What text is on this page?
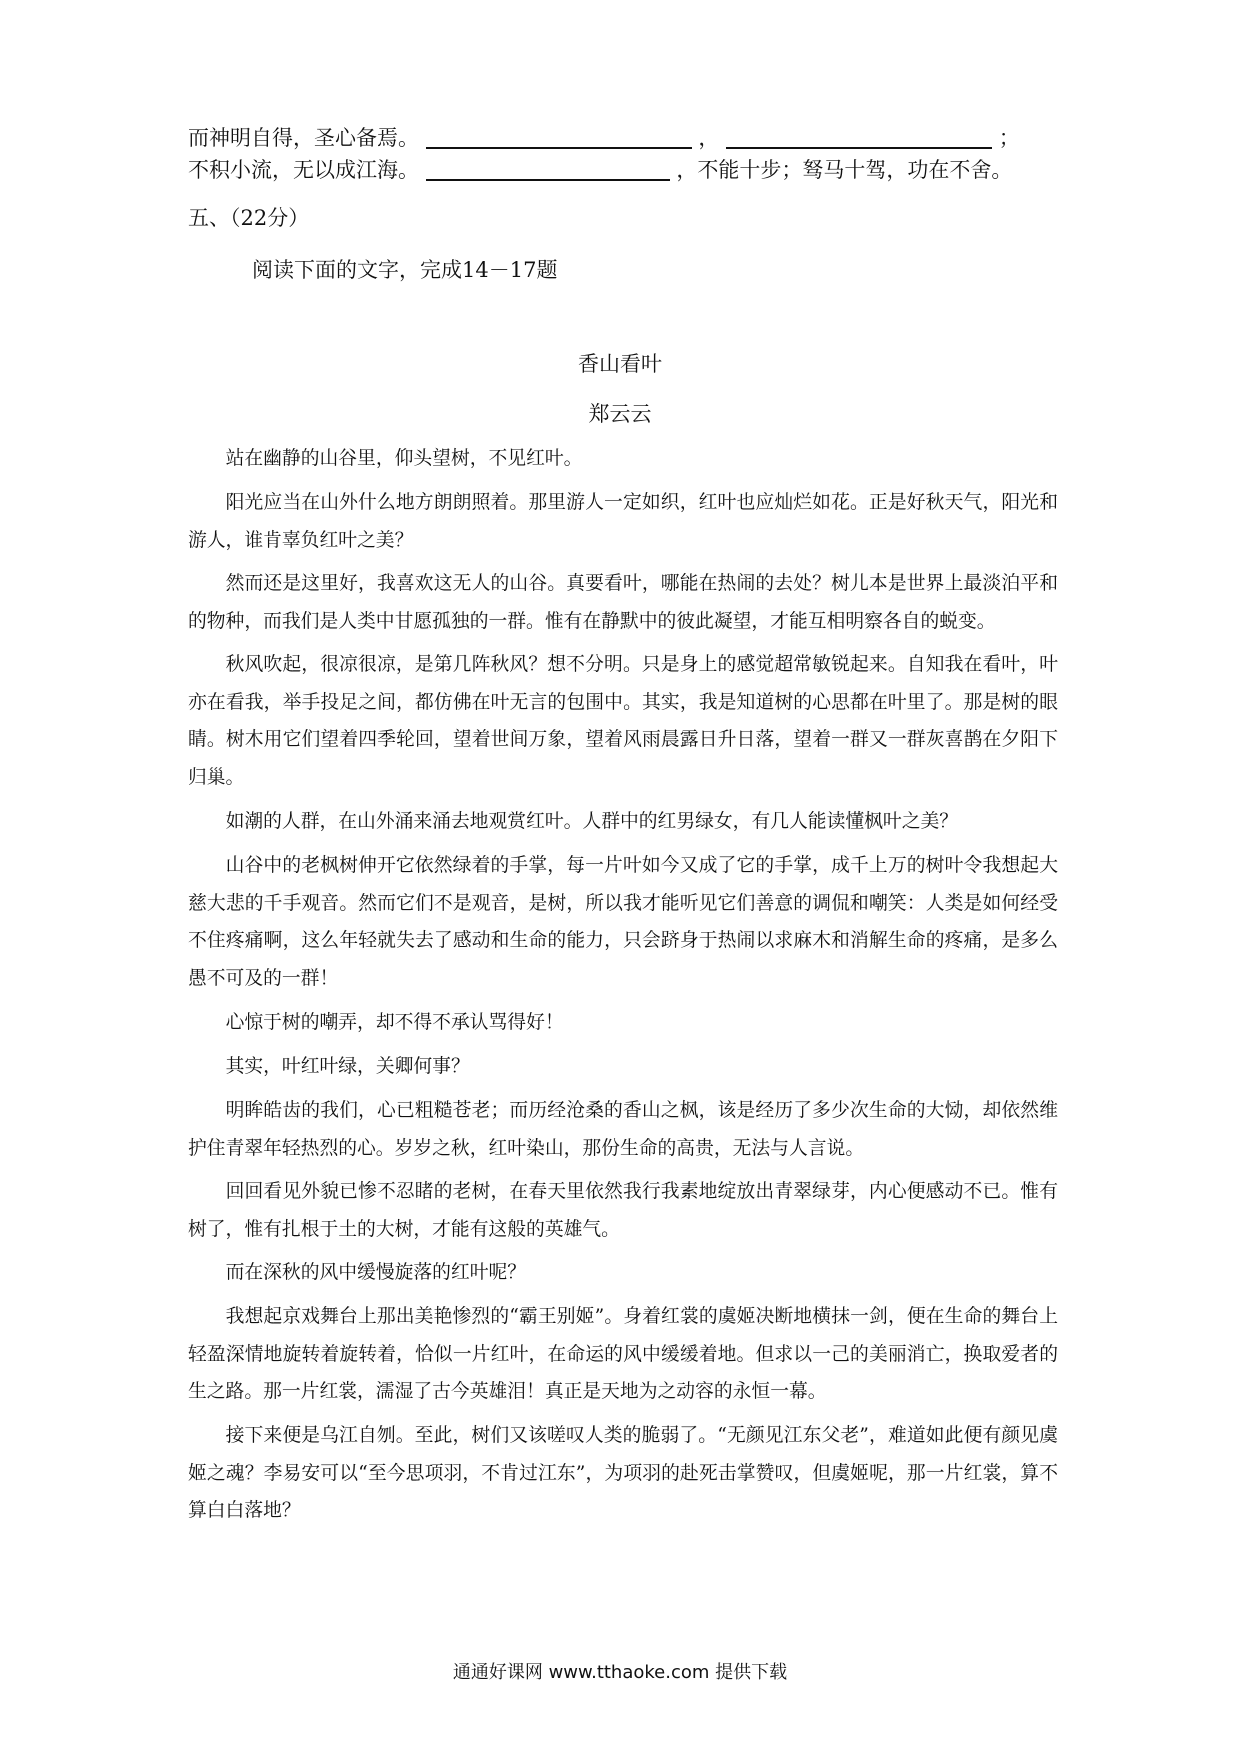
而神明自得，圣心备焉。	，	；
不积小流，无以成江海。	，不能十步；驽马十驾，功在不舍。
五、（22分）
阅读下面的文字，完成14－17题
香山看叶
郑云云
站在幽静的山谷里，仰头望树，不见红叶。
阳光应当在山外什么地方朗朗照着。那里游人一定如织，红叶也应灿烂如花。正是好秋天气，阳光和游人，谁肯辜负红叶之美？
然而还是这里好，我喜欢这无人的山谷。真要看叶，哪能在热闹的去处？树儿本是世界上最淡泊平和的物种，而我们是人类中甘愿孤独的一群。惟有在静默中的彼此凝望，才能互相明察各自的蜕变。
秋风吹起，很凉很凉，是第几阵秋风？想不分明。只是身上的感觉超常敏锐起来。自知我在看叶，叶亦在看我，举手投足之间，都仿佛在叶无言的包围中。其实，我是知道树的心思都在叶里了。那是树的眼睛。树木用它们望着四季轮回，望着世间万象，望着风雨晨露日升日落，望着一群又一群灰喜鹊在夕阳下归巢。
如潮的人群，在山外涌来涌去地观赏红叶。人群中的红男绿女，有几人能读懂枫叶之美？
山谷中的老枫树伸开它依然绿着的手掌，每一片叶如今又成了它的手掌，成千上万的树叶令我想起大慈大悲的千手观音。然而它们不是观音，是树，所以我才能听见它们善意的调侃和嘲笑：人类是如何经受不住疼痛啊，这么年轻就失去了感动和生命的能力，只会跻身于热闹以求麻木和消解生命的疼痛，是多么愚不可及的一群！
心惊于树的嘲弄，却不得不承认骂得好！
其实，叶红叶绿，关卿何事？
明眸皓齿的我们，心已粗糙苍老；而历经沧桑的香山之枫，该是经历了多少次生命的大恸，却依然维护住青翠年轻热烈的心。岁岁之秋，红叶染山，那份生命的高贵，无法与人言说。
回回看见外貌已惨不忍睹的老树，在春天里依然我行我素地绽放出青翠绿芽，内心便感动不已。惟有树了，惟有扎根于土的大树，才能有这般的英雄气。
而在深秋的风中缓慢旋落的红叶呢？
我想起京戏舞台上那出美艳惨烈的“霸王别姬”。身着红裳的虞姬决断地横抹一剑，便在生命的舞台上轻盈深情地旋转着旋转着，恰似一片红叶，在命运的风中缓缓着地。但求以一己的美丽消亡，换取爱者的生之路。那一片红裳，濡湿了古今英雄泪！真正是天地为之动容的永恒一幕。
接下来便是乌江自刎。至此，树们又该嗟叹人类的脆弱了。“无颜见江东父老”，难道如此便有颜见虞姬之魂？李易安可以“至今思项羽，不肯过江东”，为项羽的赴死击掌赞叹，但虞姬呢，那一片红裳，算不算白白落地？
通通好课网 www.tthaoke.com 提供下载
